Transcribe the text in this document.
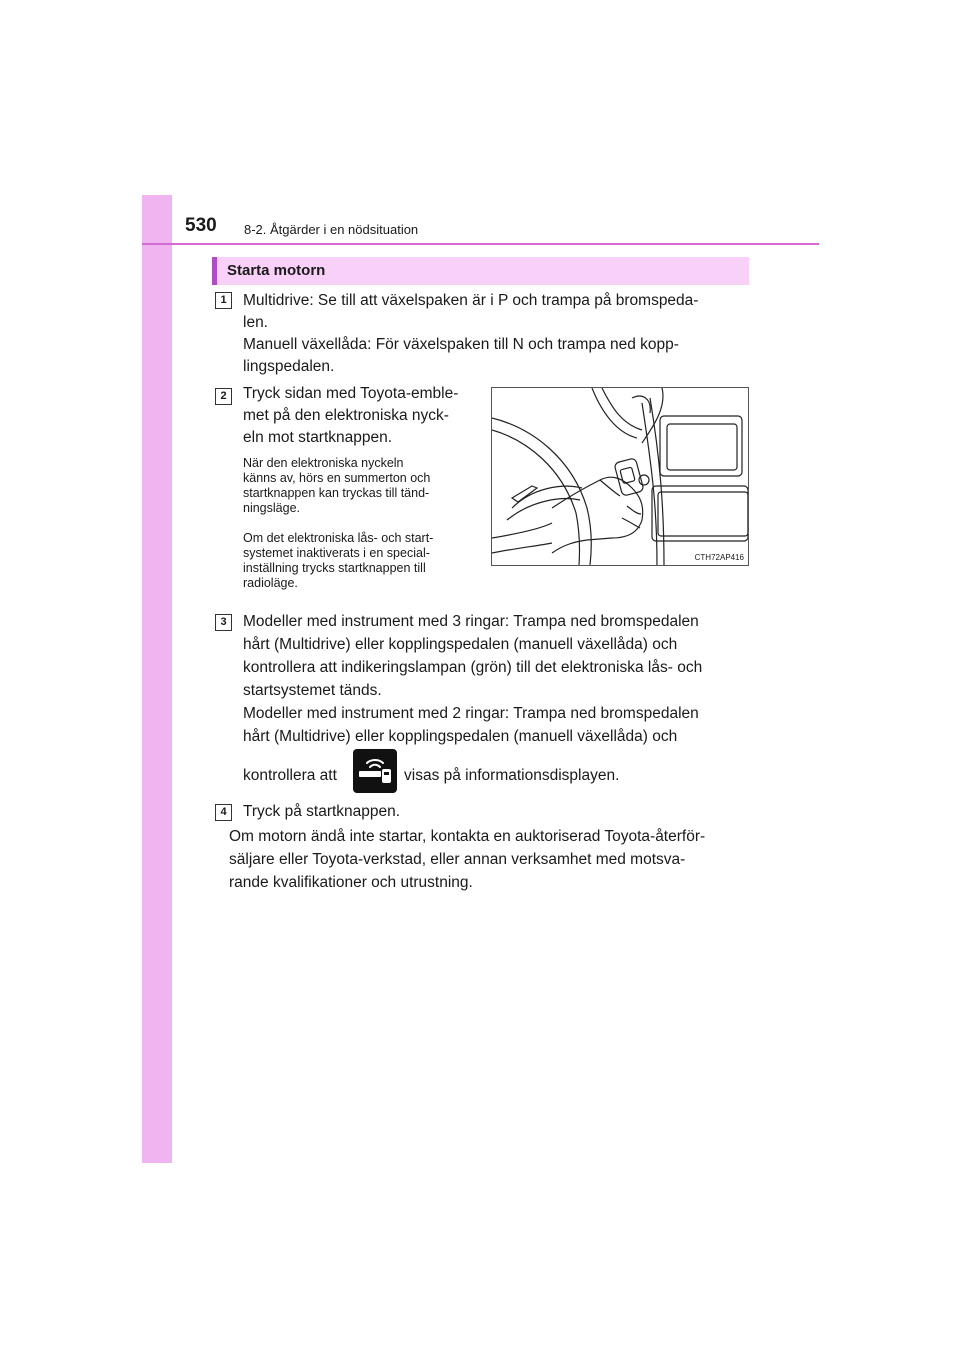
530 8-2. Åtgärder i en nödsituation
Starta motorn
1	Multidrive: Se till att växelspaken är i P och trampa på bromspeda-
len.
Manuell växellåda: För växelspaken till N och trampa ned kopp-
lingspedalen.
2	Tryck sidan med Toyota-emble-
met på den elektroniska nyck-
eln mot startknappen.
När den elektroniska nyckeln
känns av, hörs en summerton och
startknappen kan tryckas till tänd-
ningsläge.
Om det elektroniska lås- och start-
systemet inaktiverats i en special-
inställning trycks startknappen till
radioläge.
CTH72AP416
3	Modeller med instrument med 3 ringar: Trampa ned bromspedalen
hårt (Multidrive) eller kopplingspedalen (manuell växellåda) och
kontrollera att indikeringslampan (grön) till det elektroniska lås- och
startsystemet tänds.
Modeller med instrument med 2 ringar: Trampa ned bromspedalen
hårt (Multidrive) eller kopplingspedalen (manuell växellåda) och
kontrollera att	visas på informationsdisplayen.
4	Tryck på startknappen.
Om motorn ändå inte startar, kontakta en auktoriserad Toyota-återför-
säljare eller Toyota-verkstad, eller annan verksamhet med motsva-
rande kvalifikationer och utrustning.
